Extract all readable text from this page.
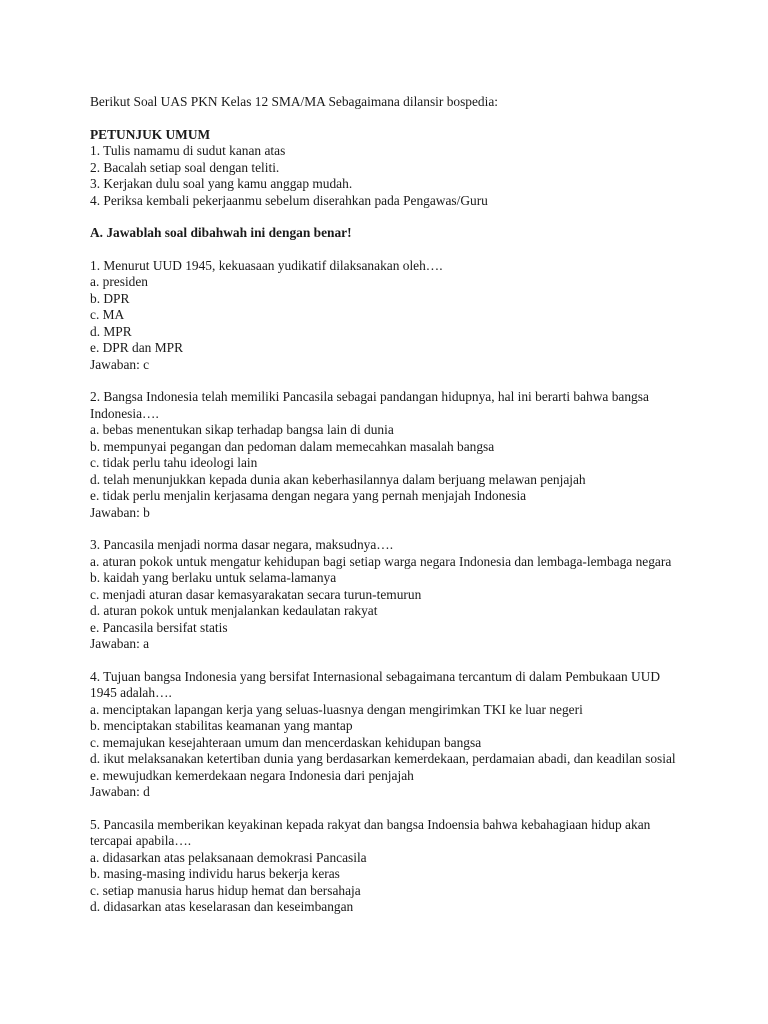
Berikut Soal UAS PKN Kelas 12 SMA/MA Sebagaimana dilansir bospedia:
PETUNJUK UMUM
1. Tulis namamu di sudut kanan atas
2. Bacalah setiap soal dengan teliti.
3. Kerjakan dulu soal yang kamu anggap mudah.
4. Periksa kembali pekerjaanmu sebelum diserahkan pada Pengawas/Guru
A. Jawablah soal dibahwah ini dengan benar!
1. Menurut UUD 1945, kekuasaan yudikatif dilaksanakan oleh….
a. presiden
b. DPR
c. MA
d. MPR
e. DPR dan MPR
Jawaban: c
2. Bangsa Indonesia telah memiliki Pancasila sebagai pandangan hidupnya, hal ini berarti bahwa bangsa Indonesia….
a. bebas menentukan sikap terhadap bangsa lain di dunia
b. mempunyai pegangan dan pedoman dalam memecahkan masalah bangsa
c. tidak perlu tahu ideologi lain
d. telah menunjukkan kepada dunia akan keberhasilannya dalam berjuang melawan penjajah
e. tidak perlu menjalin kerjasama dengan negara yang pernah menjajah Indonesia
Jawaban: b
3. Pancasila menjadi norma dasar negara, maksudnya….
a. aturan pokok untuk mengatur kehidupan bagi setiap warga negara Indonesia dan lembaga-lembaga negara
b. kaidah yang berlaku untuk selama-lamanya
c. menjadi aturan dasar kemasyarakatan secara turun-temurun
d. aturan pokok untuk menjalankan kedaulatan rakyat
e. Pancasila bersifat statis
Jawaban: a
4. Tujuan bangsa Indonesia yang bersifat Internasional sebagaimana tercantum di dalam Pembukaan UUD 1945 adalah….
a. menciptakan lapangan kerja yang seluas-luasnya dengan mengirimkan TKI ke luar negeri
b. menciptakan stabilitas keamanan yang mantap
c. memajukan kesejahteraan umum dan mencerdaskan kehidupan bangsa
d. ikut melaksanakan ketertiban dunia yang berdasarkan kemerdekaan, perdamaian abadi, dan keadilan sosial
e. mewujudkan kemerdekaan negara Indonesia dari penjajah
Jawaban: d
5. Pancasila memberikan keyakinan kepada rakyat dan bangsa Indoensia bahwa kebahagiaan hidup akan tercapai apabila….
a. didasarkan atas pelaksanaan demokrasi Pancasila
b. masing-masing individu harus bekerja keras
c. setiap manusia harus hidup hemat dan bersahaja
d. didasarkan atas keselarasan dan keseimbangan
